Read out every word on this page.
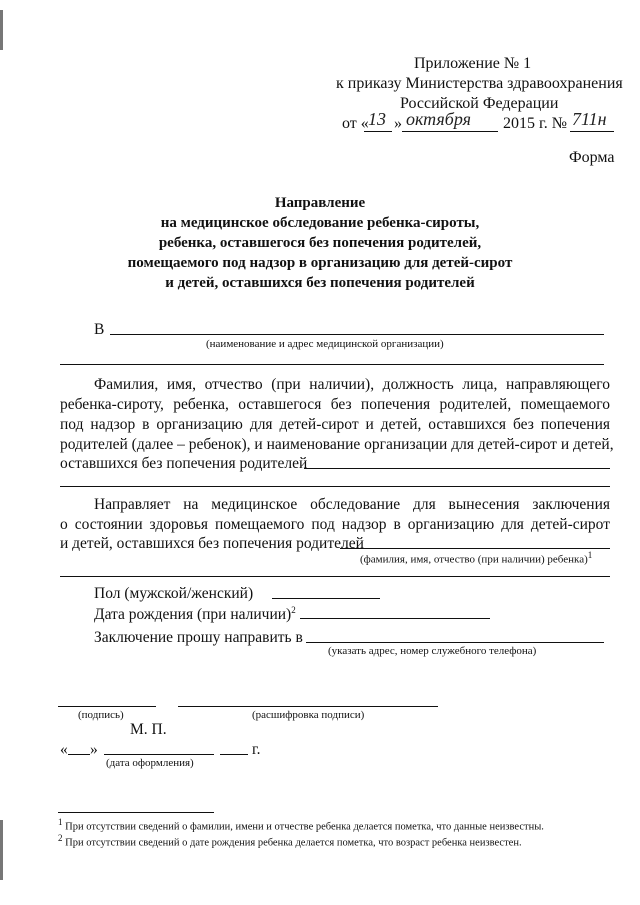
Приложение № 1
к приказу Министерства здравоохранения
Российской Федерации
от « 13 » октября 2015 г. № 711н
Форма
Направление
на медицинское обследование ребенка-сироты,
ребенка, оставшегося без попечения родителей,
помещаемого под надзор в организацию для детей-сирот
и детей, оставшихся без попечения родителей
В
(наименование и адрес медицинской организации)
Фамилия, имя, отчество (при наличии), должность лица, направляющего
ребенка-сироту, ребенка, оставшегося без попечения родителей, помещаемого
под надзор в организацию для детей-сирот и детей, оставшихся без попечения
родителей (далее – ребенок), и наименование организации для детей-сирот и детей,
оставшихся без попечения родителей
Направляет на медицинское обследование для вынесения заключения
о состоянии здоровья помещаемого под надзор в организацию для детей-сирот
и детей, оставшихся без попечения родителей
(фамилия, имя, отчество (при наличии) ребенка)$^1$
Пол (мужской/женский)
Дата рождения (при наличии)$^2$
Заключение прошу направить в
(указать адрес, номер служебного телефона)
(подпись)	(расшифровка подписи)
М. П.
« »	г.
(дата оформления)
$^1$ При отсутствии сведений о фамилии, имени и отчестве ребенка делается пометка, что данные неизвестны.
$^2$ При отсутствии сведений о дате рождения ребенка делается пометка, что возраст ребенка неизвестен.
